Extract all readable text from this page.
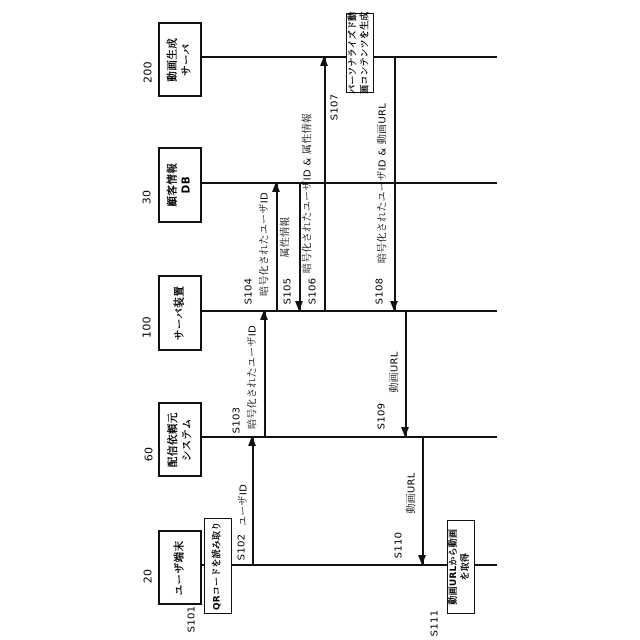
動画生成 サーバ
顧客情報 DB
サーバ装置
配信依頼元 システム
ユーザ端末
200
30
100
60
20	QRコードを読み取り
パーソナライズド動 画コンテンツを生成
動画URLから動画 を取得
ユーザID
暗号化されたユーザID
暗号化されたユーザID	属性情報	暗号化されたユーザID & 属性情報	暗号化されたユーザID & 動画URL
動画URL
動画URL
S101
S102
S103
S104	S105 S106
S107
S108
S109
S110
S111
